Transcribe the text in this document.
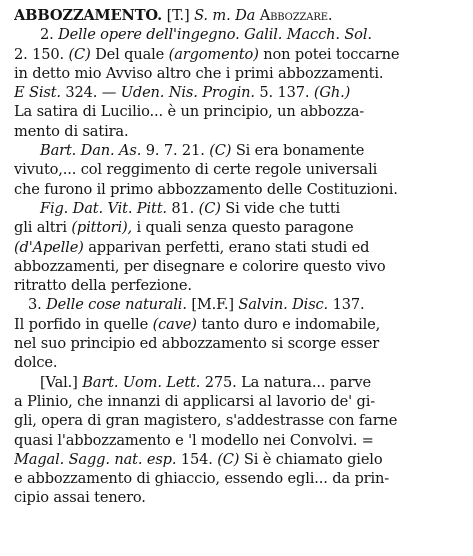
ABBOZZAMENTO. [T.] S. m. Da Abbozzare.
2. Delle opere dell'ingegno. Galil. Macch. Sol.
2. 150. (C) Del quale (argomento) non potei toccarne
in detto mio Avviso altro che i primi abbozzamenti.
E Sist. 324. — Uden. Nis. Progin. 5. 137. (Gh.)
La satira di Lucilio... è un principio, un abbozza-
mento di satira.
Bart. Dan. As. 9. 7. 21. (C) Si era bonamente
vivuto,... col reggimento di certe regole universali
che furono il primo abbozzamento delle Costituzioni.
Fig. Dat. Vit. Pitt. 81. (C) Si vide che tutti
gli altri (pittori), i quali senza questo paragone
(d'Apelle) apparivan perfetti, erano stati studi ed
abbozzamenti, per disegnare e colorire questo vivo
ritratto della perfezione.
3. Delle cose naturali. [M.F.] Salvin. Disc. 137.
Il porfido in quelle (cave) tanto duro e indomabile,
nel suo principio ed abbozzamento si scorge esser
dolce.
[Val.] Bart. Uom. Lett. 275. La natura... parve
a Plinio, che innanzi di applicarsi al lavorio de' gi-
gli, opera di gran magistero, s'addestrasse con farne
quasi l'abbozzamento e 'l modello nei Convolvi. =
Magal. Sagg. nat. esp. 154. (C) Si è chiamato gielo
e abbozzamento di ghiaccio, essendo egli... da prin-
cipio assai tenero.
